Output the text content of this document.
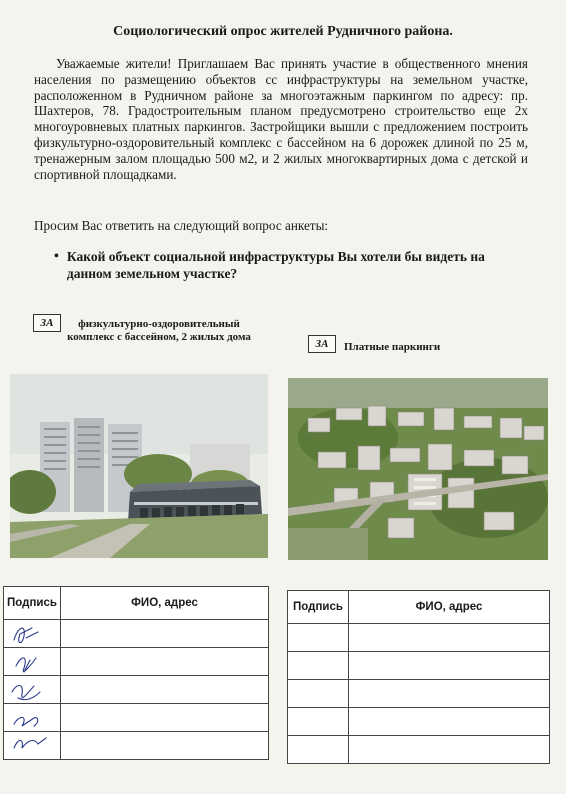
Социологический опрос жителей Рудничного района.

Уважаемые жители! Приглашаем Вас принять участие в общественного мнения населения по размещению объектов сс инфраструктуры на земельном участке, расположенном в Рудничном районе за многоэтажным паркингом по адресу: пр. Шахтеров, 78. Градостроительным планом предусмотрено строительство еще 2х многоуровневых платных паркингов. Застройщики вышли с предложением построить физкультурно-оздоровительный комплекс с бассейном на 6 дорожек длиной по 25 м, тренажерным залом площадью 500 м2, и 2 жилых многоквартирных дома с детской и спортивной площадками.

Просим Вас ответить на следующий вопрос анкеты:
• Какой объект социальной инфраструктуры Вы хотели бы видеть на данном земельном участке?
ЗА	физкультурно-оздоровительный комплекс с бассейном, 2 жилых дома
ЗА	Платные паркинги
Подпись	ФИО, адрес

		Подпись	ФИО, адрес
